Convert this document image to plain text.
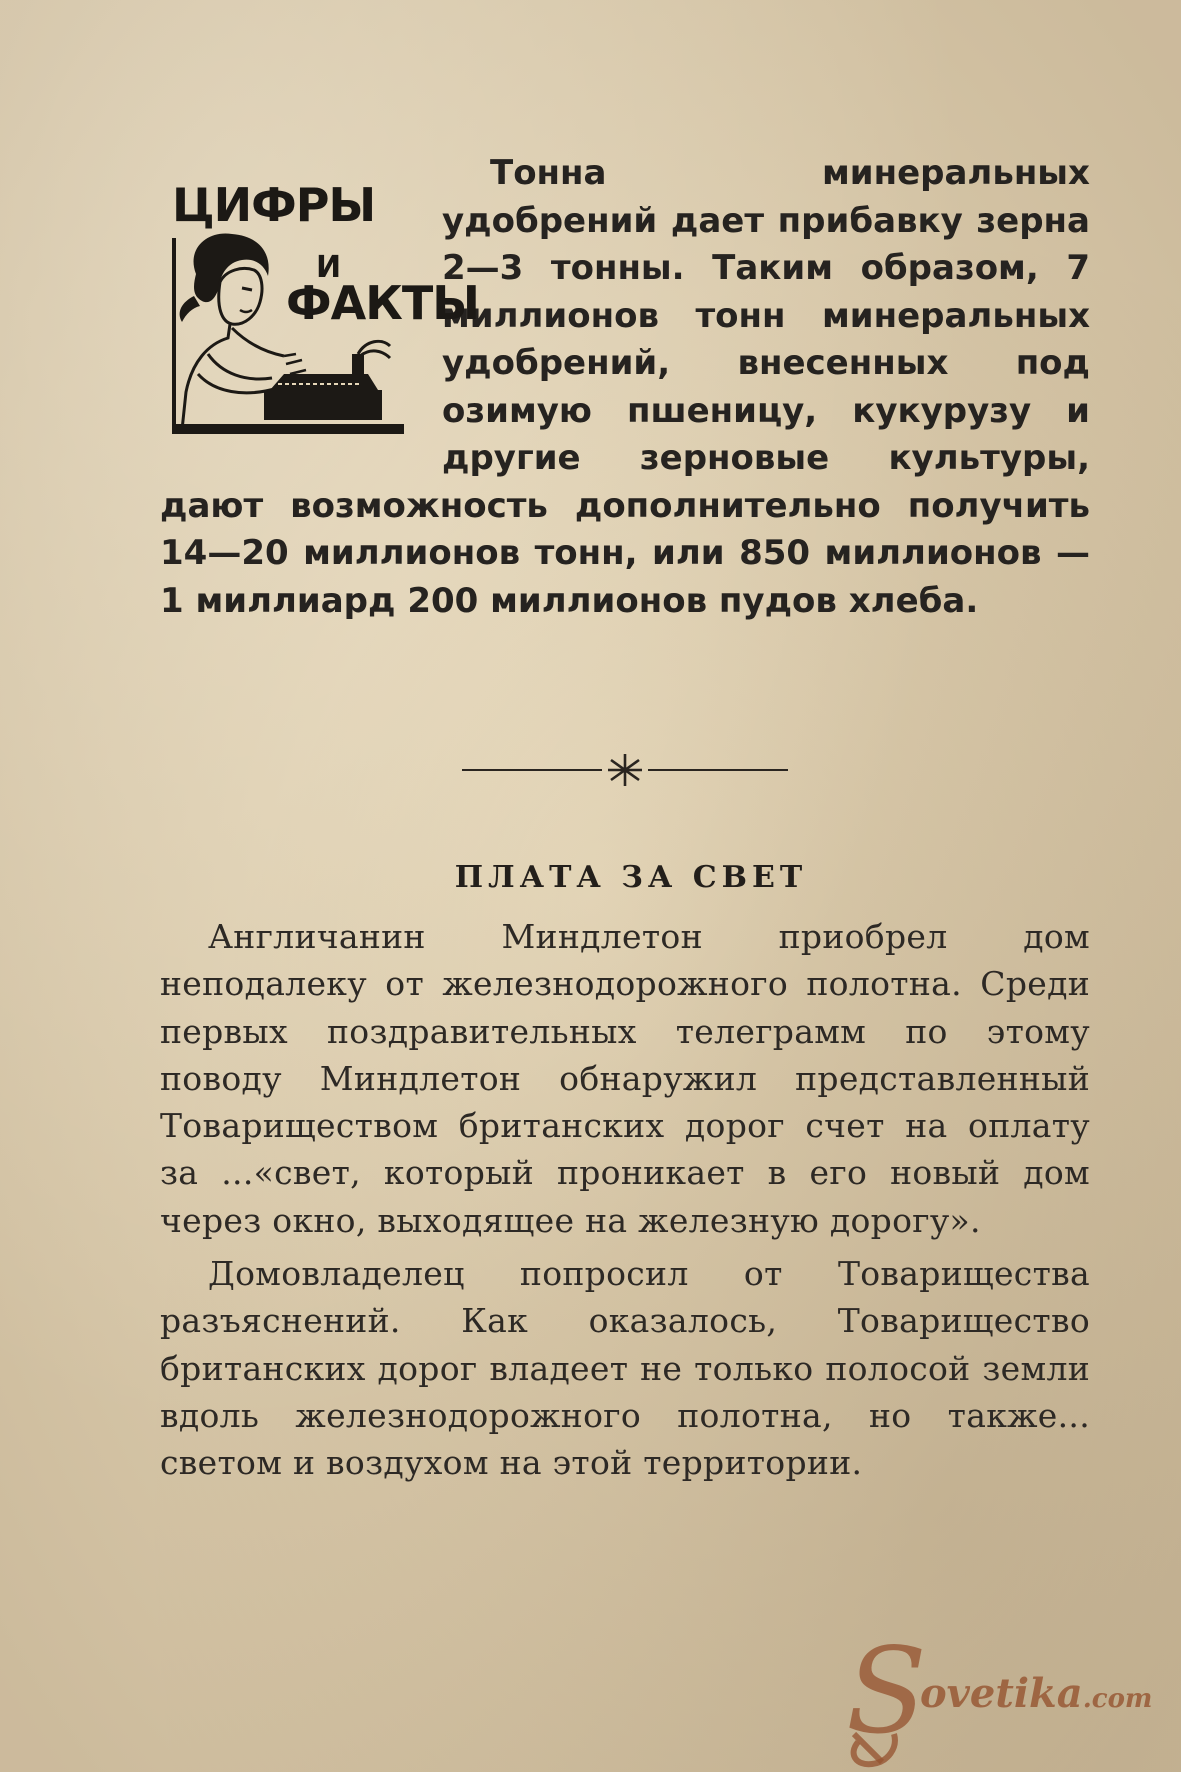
ЦИФРЫ
И
ФАКТЫ

Тонна минеральных удобрений дает прибавку зерна 2—3 тонны. Таким образом, 7 миллионов тонн минеральных удобрений, внесенных под озимую пшеницу, кукурузу и другие зерновые культуры, дают возможность дополнительно получить 14—20 миллионов тонн, или 850 миллионов — 1 миллиард 200 миллионов пудов хлеба.

ПЛАТА ЗА СВЕТ

Англичанин Миндлетон приобрел дом неподалеку от железнодорожного полотна. Среди первых поздравительных телеграмм по этому поводу Миндлетон обнаружил представленный Товариществом британских дорог счет на оплату за ...«свет, который проникает в его новый дом через окно, выходящее на железную дорогу».

Домовладелец попросил от Товарищества разъяснений. Как оказалось, Товарищество британских дорог владеет не только полосой земли вдоль железнодорожного полотна, но также... светом и воздухом на этой территории.

S
ovetika.com
